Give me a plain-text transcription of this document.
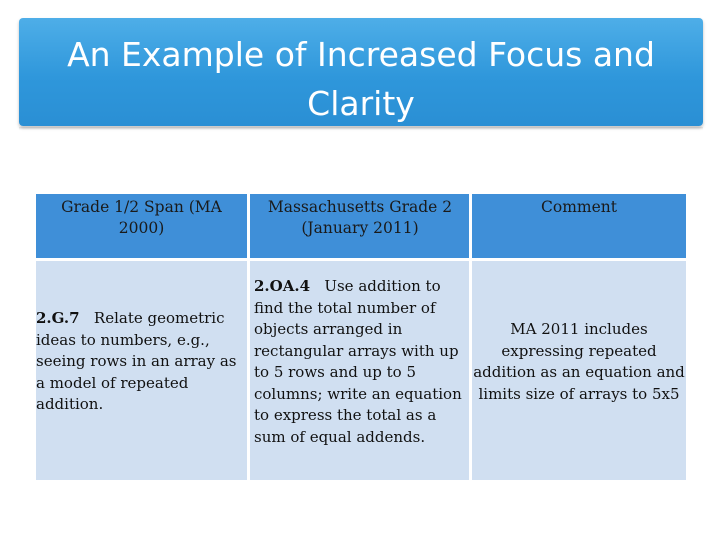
An Example of Increased Focus and Clarity
Grade 1/2 Span (MA 2000)
Massachusetts Grade 2 (January 2011)
Comment
2.G.7 Relate geometric ideas to numbers, e.g., seeing rows in an array as a model of repeated addition.
2.OA.4 Use addition to find the total number of objects arranged in rectangular arrays with up to 5 rows and up to 5 columns; write an equation to express the total as a sum of equal addends.
MA 2011 includes expressing repeated addition as an equation and limits size of arrays to 5x5
